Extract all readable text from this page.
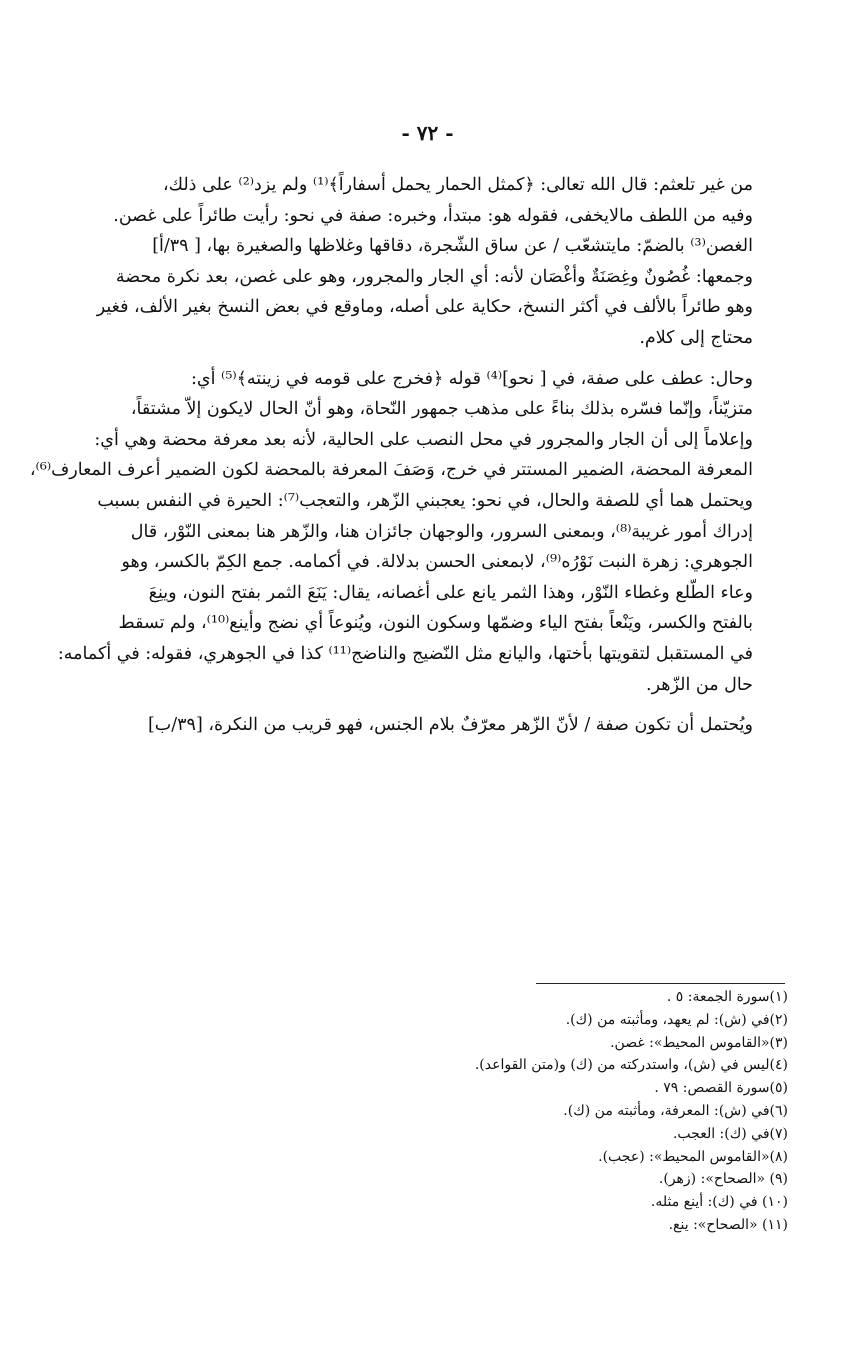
- ٧٢ -

من غير تلعثم: قال الله تعالى: ﴿كمثل الحمار يحمل أسفاراً﴾⁽¹⁾ ولم يزد⁽²⁾ على ذلك،
وفيه من اللطف مالايخفى، فقوله هو: مبتدأ، وخبره: صفة في نحو: رأيت طائراً على غصن.
الغصن⁽³⁾ بالضمّ: مايتشعّب / عن ساق الشّجرة، دقاقها وغلاظها والصغيرة بها، [ ٣٩/أ]
وجمعها: غُصُونٌ وغِصَنَةٌ وأغْصَان لأنه: أي الجار والمجرور، وهو على غصن، بعد نكرة محضة
وهو طائراً بالألف في أكثر النسخ، حكاية على أصله، وماوقع في بعض النسخ بغير الألف، فغير
محتاج إلى كلام.

وحال: عطف على صفة، في [ نحو]⁽⁴⁾ قوله ﴿فخرج على قومه في زينته﴾⁽⁵⁾ أي:
متزيّناً، وإنّما فسّره بذلك بناءً على مذهب جمهور النّحاة، وهو أنّ الحال لايكون إلاّ مشتقاً،
وإعلاماً إلى أن الجار والمجرور في محل النصب على الحالية، لأنه بعد معرفة محضة وهي أي:
المعرفة المحضة، الضمير المستتر في خرج، وَصَفَ المعرفة بالمحضة لكون الضمير أعرف المعارف⁽⁶⁾،
ويحتمل هما أي للصفة والحال، في نحو: يعجبني الزّهر، والتعجب⁽⁷⁾: الحيرة في النفس بسبب
إدراك أمور غريبة⁽⁸⁾، وبمعنى السرور، والوجهان جائزان هنا، والزّهر هنا بمعنى النّوْر، قال
الجوهري: زهرة النبت نَوْرُه⁽⁹⁾، لابمعنى الحسن بدلالة. في أكمامه. جمع الكِمّ بالكسر، وهو
وعاء الطّلع وغطاء النّوْر، وهذا الثمر يانع على أغصانه، يقال: يَنَعَ الثمر بفتح النون، وينِعَ
بالفتح والكسر، ويَنْعاً بفتح الياء وضمّها وسكون النون، ويُنوعاً أي نضج وأينع⁽¹⁰⁾، ولم تسقط
في المستقبل لتقويتها بأختها، واليانع مثل النّضيج والناضج⁽¹¹⁾ كذا في الجوهري، فقوله: في أكمامه:
حال من الزّهر.

ويُحتمل أن تكون صفة / لأنّ الزّهر معرّفٌ بلام الجنس، فهو قريب من النكرة، [٣٩/ب]

(١)سورة الجمعة: ٥ .
(٢)في (ش): لم يعهد، ومأثبته من (ك).
(٣)«القاموس المحيط»: غصن.
(٤)ليس في (ش)، واستدركته من (ك) و(متن القواعد).
(٥)سورة القصص: ٧٩ .
(٦)في (ش): المعرفة، ومأثبته من (ك).
(٧)في (ك): العجب.
(٨)«القاموس المحيط»: (عجب).
(٩) «الصحاح»: (زهر).
(١٠) في (ك): أينع مثله.
(١١) «الصحاح»: ينع.
